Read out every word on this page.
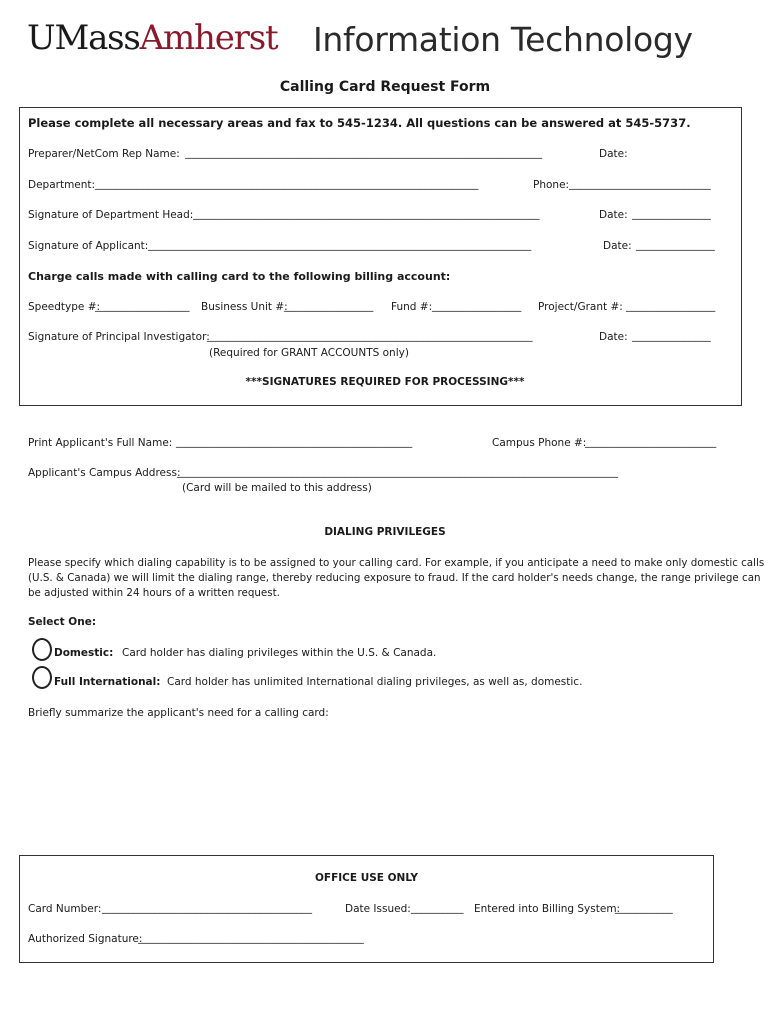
UMassAmherst Information Technology
Calling Card Request Form
Please complete all necessary areas and fax to 545-1234. All questions can be answered at 545-5737.
Preparer/NetCom Rep Name: ____________________________________________________________________	Date:
Department: _________________________________________________________________________	Phone: ___________________________
Signature of Department Head: __________________________________________________________________	Date: _______________
Signature of Applicant: _________________________________________________________________________	Date: _______________
Charge calls made with calling card to the following billing account:
Speedtype #:
__________________ Business Unit #:
_________________ Fund #: _________________ Project/Grant #: _________________
Signature of Principal Investigator:
______________________________________________________________	Date: _______________
(Required for GRANT ACCOUNTS only)
***SIGNATURES REQUIRED FOR PROCESSING***
Print Applicant's Full Name: _____________________________________________	Campus Phone #:
_________________________
Applicant's Campus Address:
____________________________________________________________________________________
(Card will be mailed to this address)
DIALING PRIVILEGES
Please specify which dialing capability is to be assigned to your calling card. For example, if you anticipate a need to make only domestic calls
(U.S. & Canada) we will limit the dialing range, thereby reducing exposure to fraud. If the card holder's needs change, the range privilege can
be adjusted within 24 hours of a written request.
Select One:
Domestic: Card holder has dialing privileges within the U.S. & Canada.
Full International: Card holder has unlimited International dialing privileges, as well as, domestic.
Briefly summarize the applicant's need for a calling card:
OFFICE USE ONLY
Card Number: ________________________________________	Date Issued: __________ Entered into Billing System:
___________
Authorized Signature:
___________________________________________
